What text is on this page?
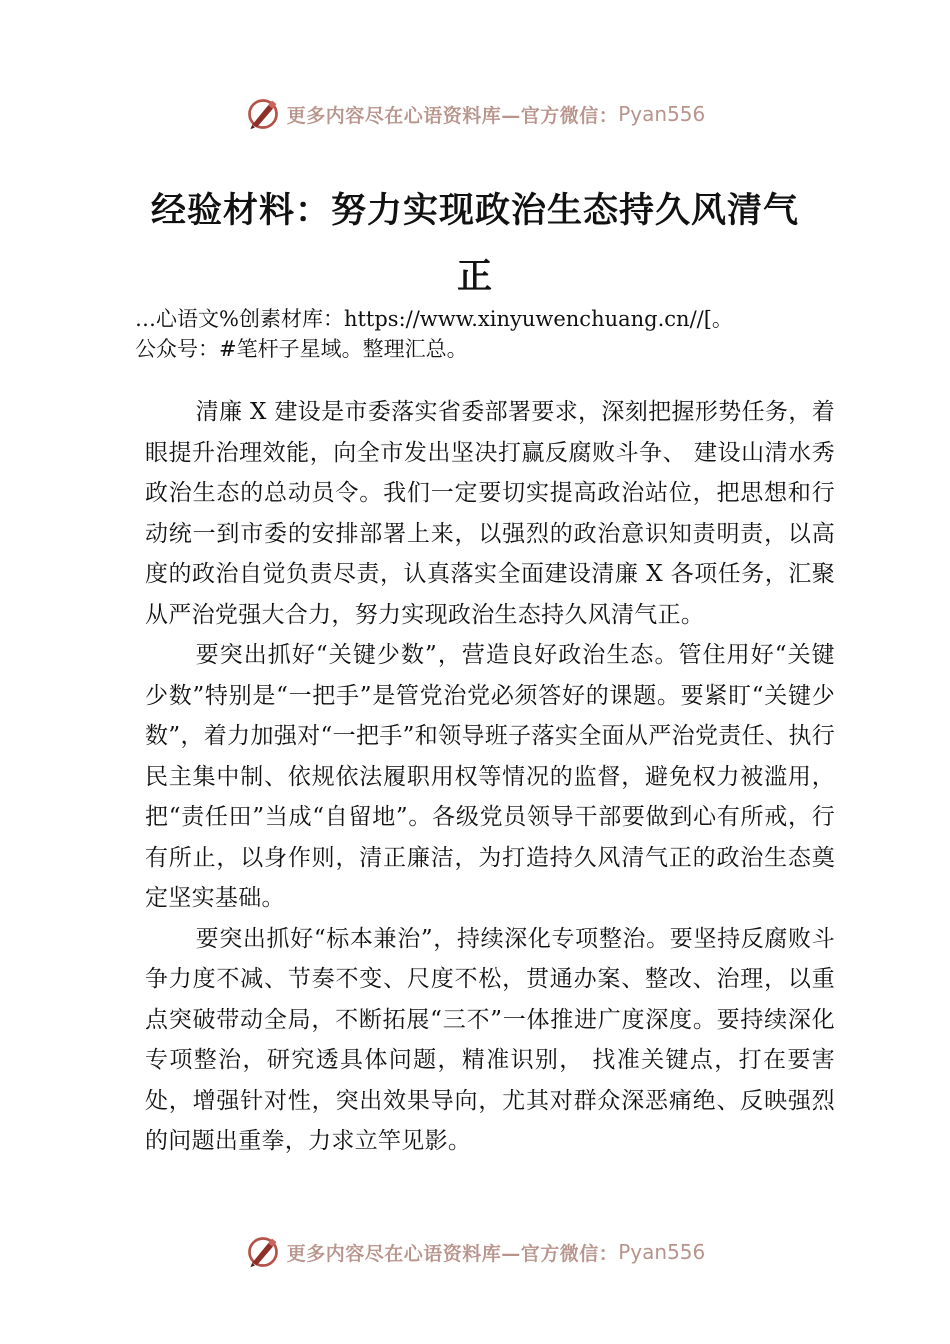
更多内容尽在心语资料库—官方微信： Pyan556
经验材料：努力实现政治生态持久风清气正
…心语文%创素材库：https://www.xinyuwenchuang.cn//[。
公众号：#笔杆子星域。整理汇总。

清廉 X 建设是市委落实省委部署要求，深刻把握形势任务，着眼提升治理效能，向全市发出坚决打赢反腐败斗争、 建设山清水秀政治生态的总动员令。我们一定要切实提高政治站位，把思想和行动统一到市委的安排部署上来，以强烈的政治意识知责明责，以高度的政治自觉负责尽责，认真落实全面建设清廉 X 各项任务，汇聚从严治党强大合力，努力实现政治生态持久风清气正。

要突出抓好“关键少数”，营造良好政治生态。管住用好“关键少数”特别是“一把手”是管党治党必须答好的课题。要紧盯“关键少数”，着力加强对“一把手”和领导班子落实全面从严治党责任、执行民主集中制、依规依法履职用权等情况的监督，避免权力被滥用，把“责任田”当成“自留地”。各级党员领导干部要做到心有所戒，行有所止，以身作则，清正廉洁，为打造持久风清气正的政治生态奠定坚实基础。

要突出抓好“标本兼治”，持续深化专项整治。要坚持反腐败斗争力度不减、节奏不变、尺度不松，贯通办案、整改、治理，以重点突破带动全局，不断拓展“三不”一体推进广度深度。要持续深化专项整治，研究透具体问题，精准识别， 找准关键点，打在要害处，增强针对性，突出效果导向，尤其对群众深恶痛绝、反映强烈的问题出重拳，力求立竿见影。

更多内容尽在心语资料库—官方微信： Pyan556
